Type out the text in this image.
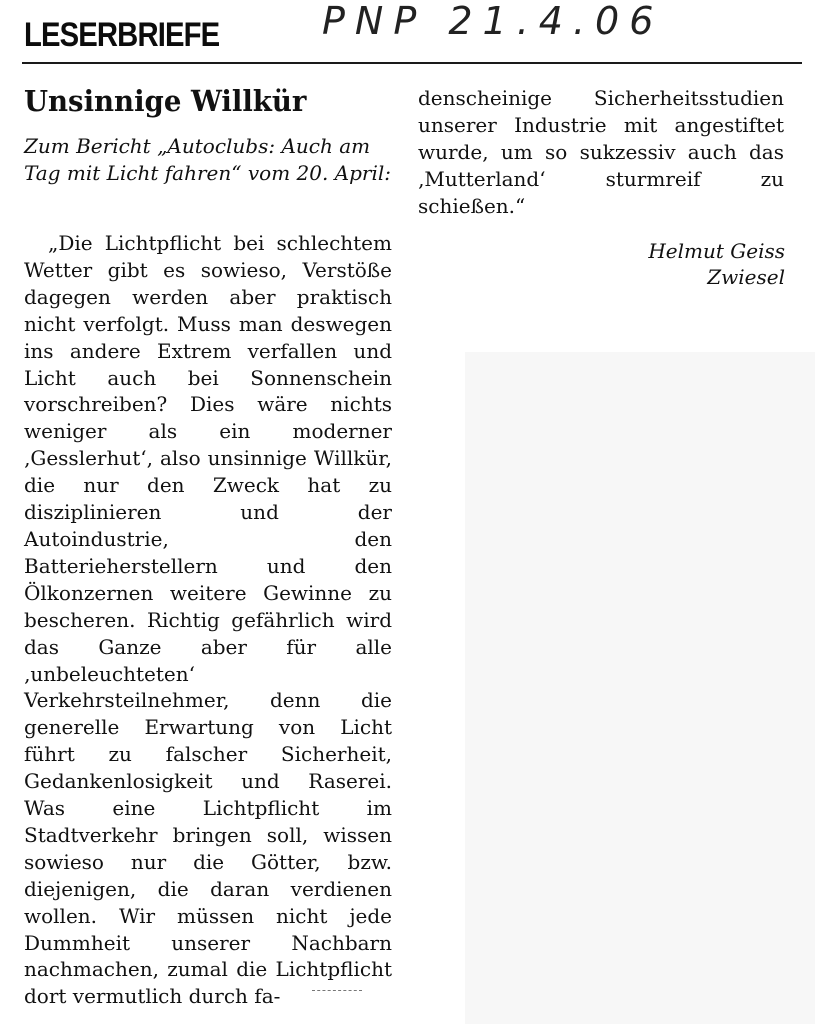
LESERBRIEFE	PNP 21.4.06
Unsinnige Willkür
Zum Bericht „Autoclubs: Auch am Tag mit Licht fahren“ vom 20. April:
„Die Lichtpflicht bei schlechtem Wetter gibt es sowieso, Verstöße dagegen werden aber praktisch nicht verfolgt. Muss man deswegen ins andere Extrem verfallen und Licht auch bei Sonnenschein vorschreiben? Dies wäre nichts weniger als ein moderner ‚Gesslerhut‘, also unsinnige Willkür, die nur den Zweck hat zu disziplinieren und der Autoindustrie, den Batterieherstellern und den Ölkonzernen weitere Gewinne zu bescheren. Richtig gefährlich wird das Ganze aber für alle ‚unbeleuchteten‘ Verkehrsteilnehmer, denn die generelle Erwartung von Licht führt zu falscher Sicherheit, Gedankenlosigkeit und Raserei. Was eine Lichtpflicht im Stadtverkehr bringen soll, wissen sowieso nur die Götter, bzw. diejenigen, die daran verdienen wollen. Wir müssen nicht jede Dummheit unserer Nachbarn nachmachen, zumal die Lichtpflicht dort vermutlich durch fa-
denscheinige Sicherheitsstudien unserer Industrie mit angestiftet wurde, um so sukzessiv auch das ‚Mutterland‘ sturmreif zu schießen.“
Helmut Geiss
Zwiesel
